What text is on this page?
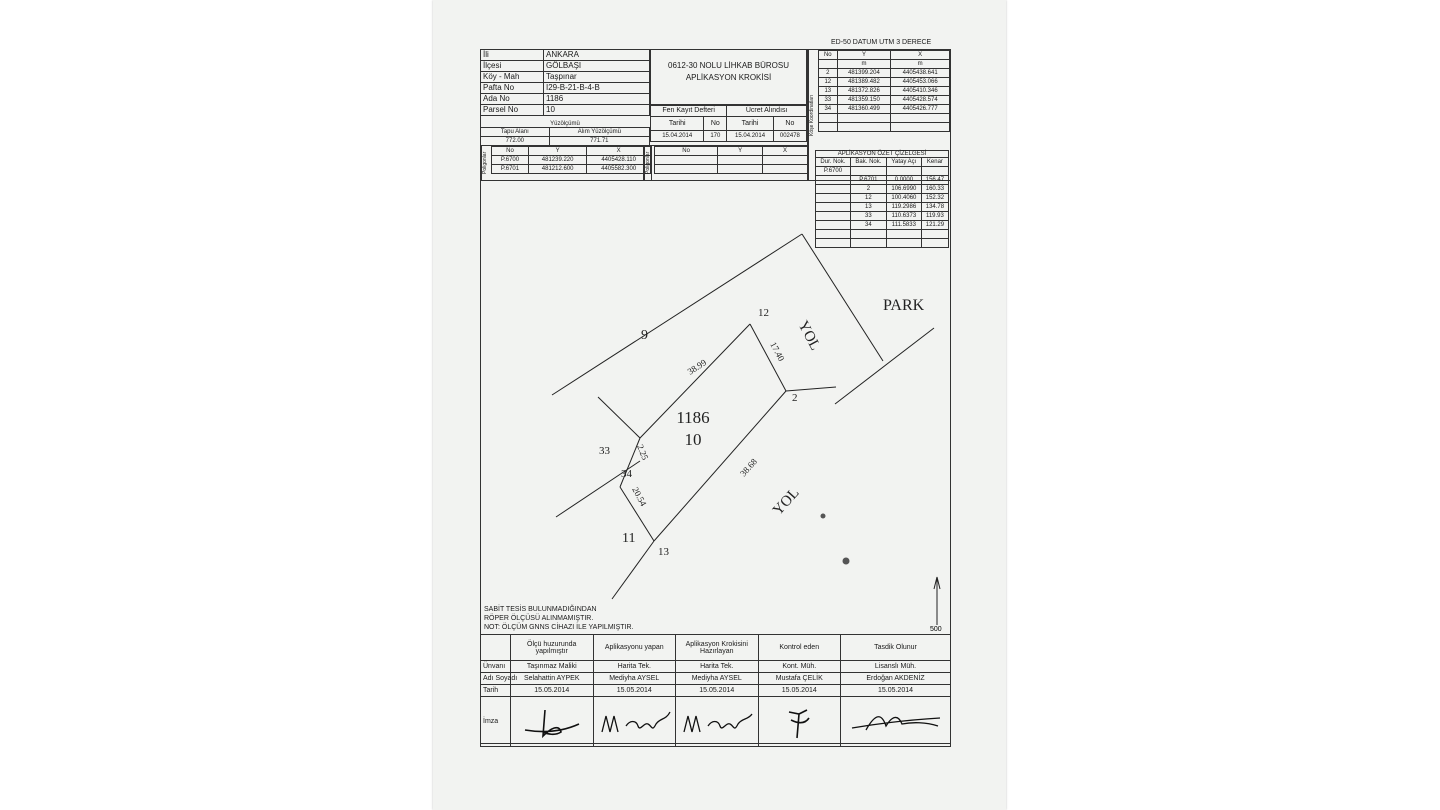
ED-50 DATUM UTM 3 DERECE
İli	ANKARA
İlçesi	GÖLBAŞI
Köy - Mah	Taşpınar
Pafta No	I29-B-21-B-4-B
Ada No	1186
Parsel No	10
Yüzölçümü
Tapu Alanı	Alım Yüzölçümü
772.00	771.71
Poligonlar
No	Y	X
P.6700	481239.220	4405428.110
P.6701	481212.600	4405582.300
0612-30 NOLU LİHKAB BÜROSU
APLİKASYON KROKİSİ
Fen Kayıt Defteri		Ücret Alındısı	
Tarihi	No	Tarihi	No
15.04.2014	170	15.04.2014	002478
Poligonlar
No	Y	X

Köşe Koordinatları
No	Y	X
	m	m
2	481399.204	4405438.641
12	481389.482	4405453.066
13	481372.826	4405410.346
33	481359.150	4405428.574
34	481360.499	4405426.777

APLİKASYON ÖZET ÇİZELGESİ
Dur. Nok.	Bak. Nok.	Yatay Açı	Kenar
P.6700			
	P.6701	0.0000	156.47
	2	106.6990	160.33
	12	100.4060	152.32
	13	119.2986	134.78
	33	110.6373	119.93
	34	111.5833	121.29

PARK
YOL
YOL
1186
10
9
11
12
2
33
34
13
38.99
17.40
38.68
2.25
20.54
500
SABİT TESİS BULUNMADIĞINDAN
RÖPER ÖLÇÜSÜ ALINMAMIŞTIR.
NOT: ÖLÇÜM GNNS CİHAZI İLE YAPILMIŞTIR.
	Ölçü huzurunda yapılmıştır	Aplikasyonu yapan	Aplikasyon Krokisini Hazırlayan	Kontrol eden	Tasdik Olunur
Ünvanı	Taşınmaz Maliki	Harita Tek.	Harita Tek.	Kont. Müh.	Lisanslı Müh.
Adı Soyadı	Selahattin AYPEK	Mediyha AYSEL	Mediyha AYSEL	Mustafa ÇELİK	Erdoğan AKDENİZ
Tarih	15.05.2014	15.05.2014	15.05.2014	15.05.2014	15.05.2014
İmza	
